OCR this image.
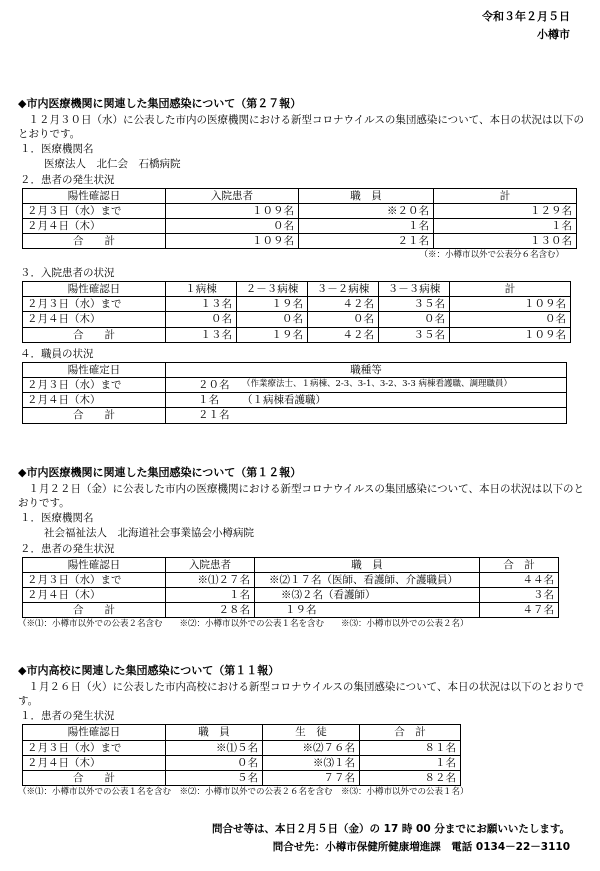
令和３年２月５日
小樽市

◆市内医療機関に関連した集団感染について（第２７報）

１２月３０日（水）に公表した市内の医療機関における新型コロナウイルスの集団感染について、本日の状況は以下のとおりです。

１．医療機関名
医療法人　北仁会　石橋病院
２．患者の発生状況
陽性確認日	入院患者	職　員	計
２月３日（水）まで	１０９名	※２０名	１２９名
２月４日（木）	０名	１名	１名
合　　計	１０９名	２１名	１３０名
（※：小樽市以外で公表分６名含む）
３．入院患者の状況
陽性確認日	１病棟	２－３病棟	３－２病棟	３－３病棟	計
２月３日（水）まで	１３名	１９名	４２名	３５名	１０９名
２月４日（木）	０名	０名	０名	０名	０名
合　　計	１３名	１９名	４２名	３５名	１０９名
４．職員の状況
陽性確定日	職種等	
２月３日（水）まで	２０名	（作業療法士、１病棟、2-3、3-1、3-2、3-3 病棟看護職、調理職員）
２月４日（木）	１名	（１病棟看護職）
合　　計	２１名	

◆市内医療機関に関連した集団感染について（第１２報）

１月２２日（金）に公表した市内の医療機関における新型コロナウイルスの集団感染について、本日の状況は以下のとおりです。

１．医療機関名
社会福祉法人　北海道社会事業協会小樽病院
２．患者の発生状況
陽性確認日	入院患者	職　員	合　計
２月３日（水）まで	※⑴２７名	※⑵１７名（医師、看護師、介護職員）	４４名
２月４日（木）	１名	※⑶２名（看護師）	３名
合　　計	２８名	１９名	４７名
（※⑴：小樽市以外での公表２名含む　　※⑵：小樽市以外での公表１名を含む　　※⑶：小樽市以外での公表２名）

◆市内高校に関連した集団感染について（第１１報）

１月２６日（火）に公表した市内高校における新型コロナウイルスの集団感染について、本日の状況は以下のとおりです。

１．患者の発生状況
陽性確認日	職　員	生　徒	合　計
２月３日（水）まで	※⑴５名	※⑵７６名	８１名
２月４日（木）	０名	※⑶１名	１名
合　　計	５名	７７名	８２名
（※⑴：小樽市以外での公表１名を含む　※⑵：小樽市以外での公表２６名を含む　※⑶：小樽市以外での公表１名）
問合せ等は、本日２月５日（金）の 17 時 00 分までにお願いいたします。
問合せ先：小樽市保健所健康増進課　電話 0134－22－3110
